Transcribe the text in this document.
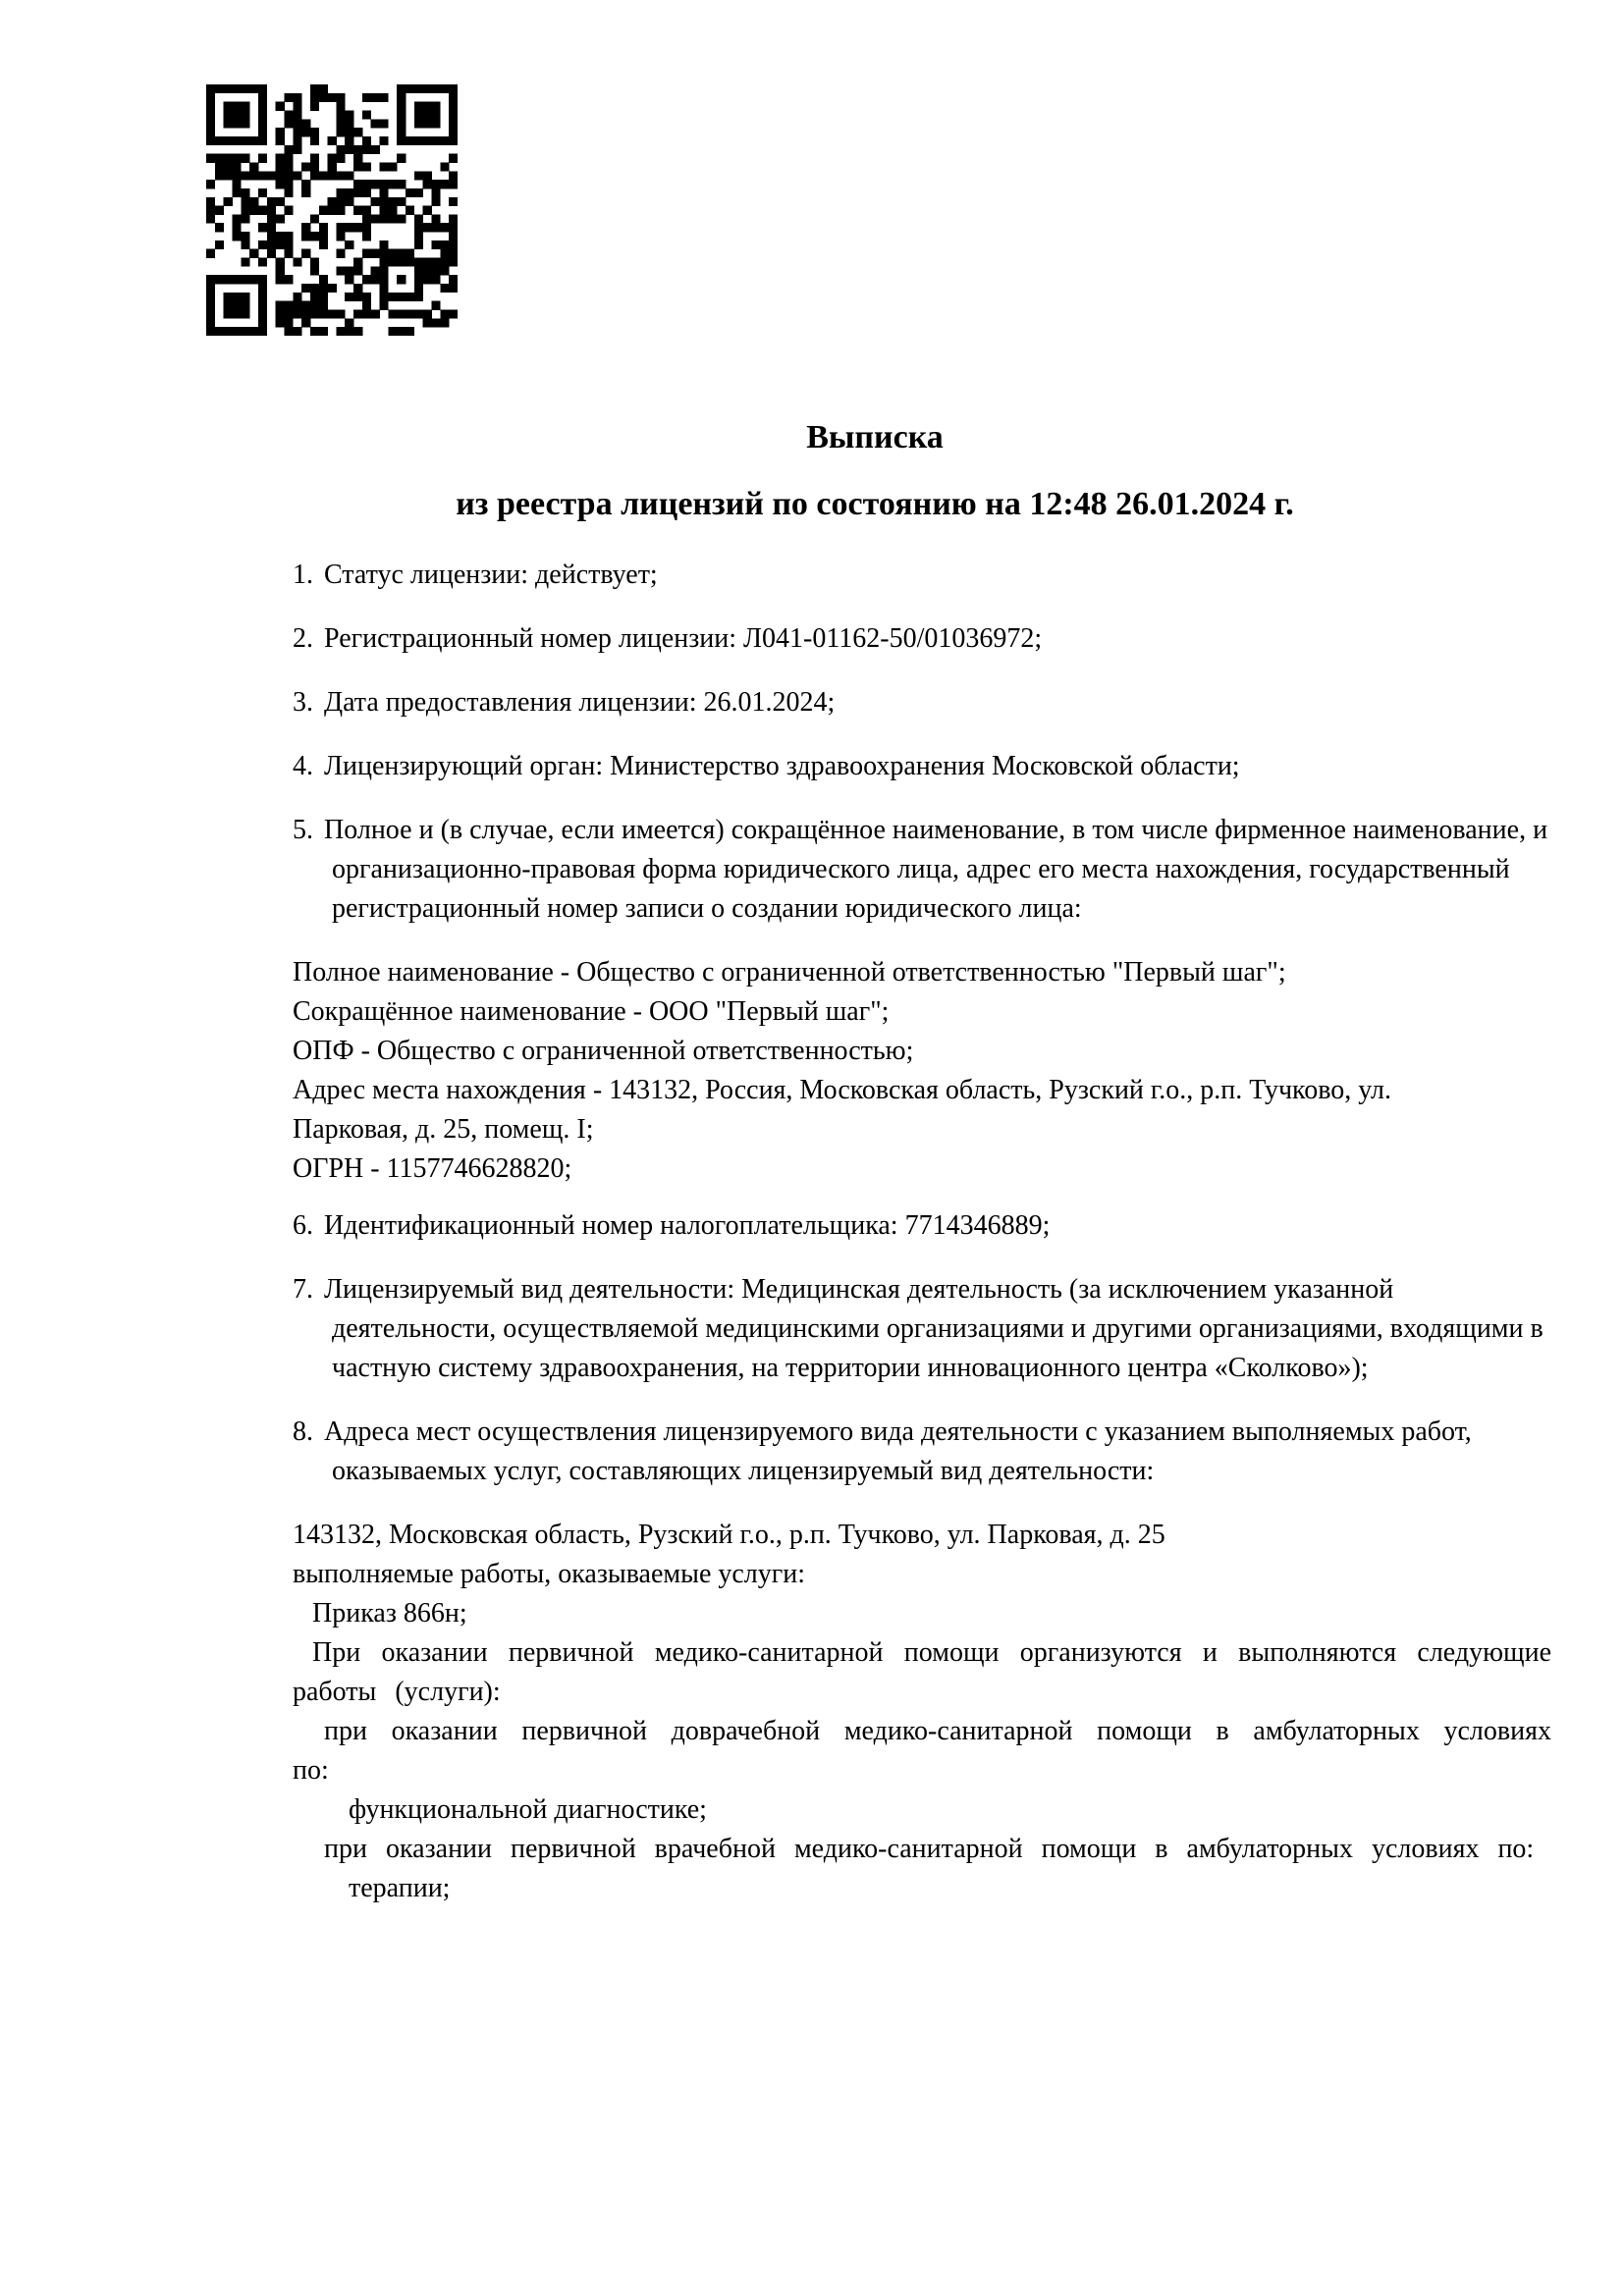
Выписка
из реестра лицензий по состоянию на 12:48 26.01.2024 г.

1. Статус лицензии: действует;

2. Регистрационный номер лицензии: Л041-01162-50/01036972;

3. Дата предоставления лицензии: 26.01.2024;

4. Лицензирующий орган: Министерство здравоохранения Московской области;

5. Полное и (в случае, если имеется) сокращённое наименование, в том числе фирменное наименование, и организационно-правовая форма юридического лица, адрес его места нахождения, государственный регистрационный номер записи о создании юридического лица:

Полное наименование - Общество с ограниченной ответственностью "Первый шаг";

Сокращённое наименование - ООО "Первый шаг";

ОПФ - Общество с ограниченной ответственностью;

Адрес места нахождения - 143132, Россия, Московская область, Рузский г.о., р.п. Тучково, ул. Парковая, д. 25, помещ. I;

ОГРН - 1157746628820;

6. Идентификационный номер налогоплательщика: 7714346889;

7. Лицензируемый вид деятельности: Медицинская деятельность (за исключением указанной деятельности, осуществляемой медицинскими организациями и другими организациями, входящими в частную систему здравоохранения, на территории инновационного центра «Сколково»);

8. Адреса мест осуществления лицензируемого вида деятельности с указанием выполняемых работ, оказываемых услуг, составляющих лицензируемый вид деятельности:

143132, Московская область, Рузский г.о., р.п. Тучково, ул. Парковая, д. 25

выполняемые работы, оказываемые услуги:

Приказ 866н;

При оказании первичной медико-санитарной помощи организуются и выполняются следующие работы (услуги):

при оказании первичной доврачебной медико-санитарной помощи в амбулаторных условиях по:

функциональной диагностике;

при оказании первичной врачебной медико-санитарной помощи в амбулаторных условиях по:

терапии;
